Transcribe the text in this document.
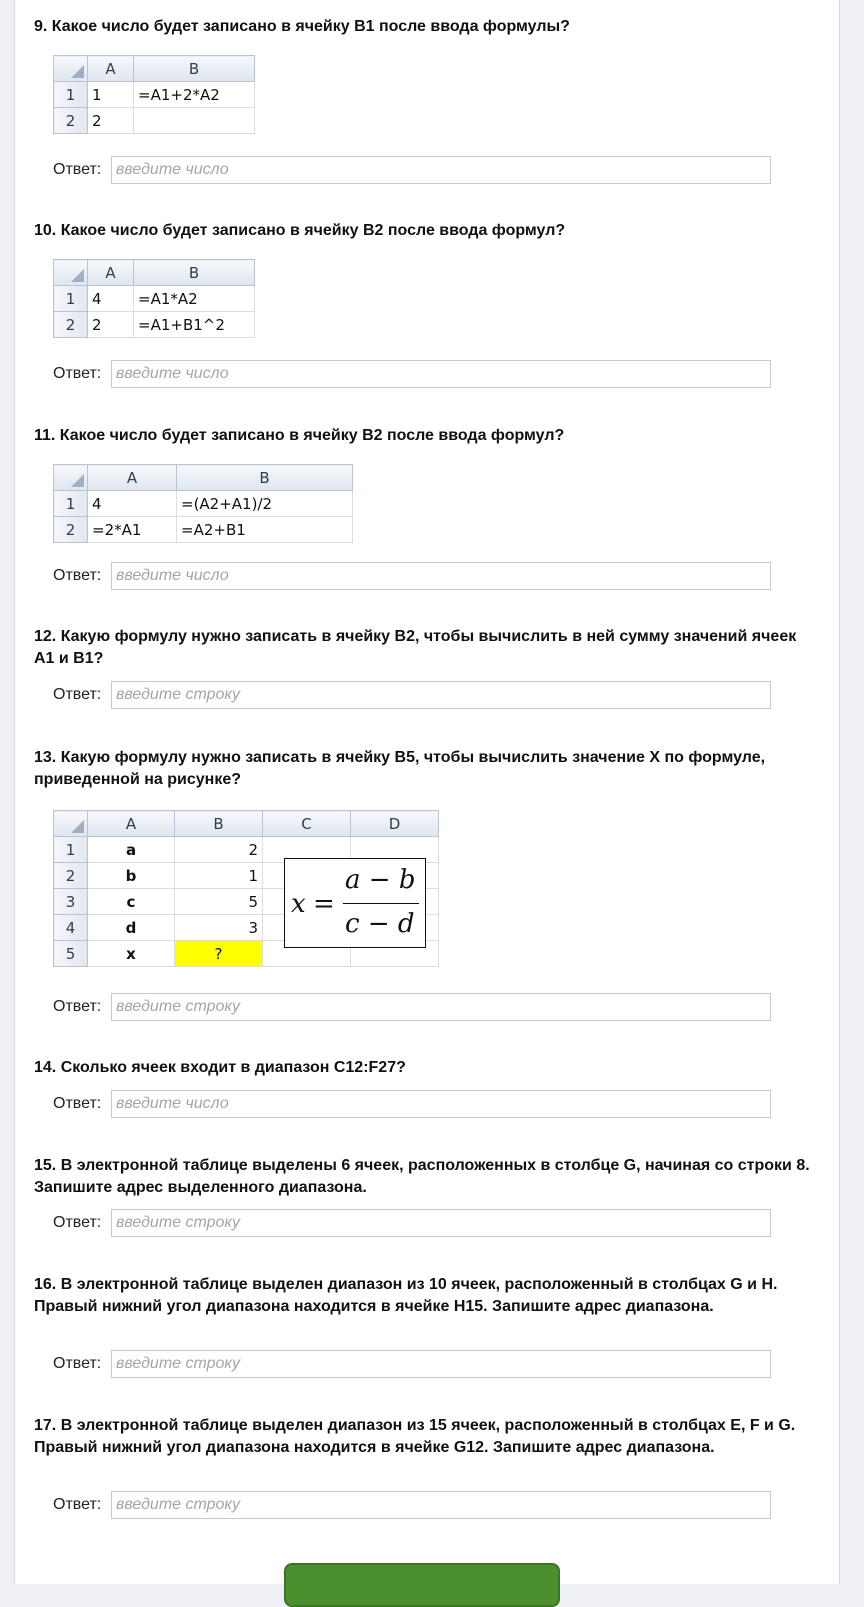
9. Какое число будет записано в ячейку B1 после ввода формулы?
	A	B
1	1	=A1+2*A2
2	2	
Ответ:
введите число
10. Какое число будет записано в ячейку B2 после ввода формул?
	A	B
1	4	=A1*A2
2	2	=A1+B1^2
Ответ:
введите число
11. Какое число будет записано в ячейку B2 после ввода формул?
	A	B
1	4	=(A2+A1)/2
2	=2*A1	=A2+B1
Ответ:
введите число
12. Какую формулу нужно записать в ячейку B2, чтобы вычислить в ней сумму значений ячеек A1 и B1?
Ответ:
введите строку
13. Какую формулу нужно записать в ячейку B5, чтобы вычислить значение X по формуле, приведенной на рисунке?
	A	B	C	D
1	a	2		
2	b	1		
3	c	5		
4	d	3		
5	x	?		
x =
a − b
c − d
Ответ:
введите строку
14. Сколько ячеек входит в диапазон C12:F27?
Ответ:
введите число
15. В электронной таблице выделены 6 ячеек, расположенных в столбце G, начиная со строки 8. Запишите адрес выделенного диапазона.
Ответ:
введите строку
16. В электронной таблице выделен диапазон из 10 ячеек, расположенный в столбцах G и H. Правый нижний угол диапазона находится в ячейке H15. Запишите адрес диапазона.
Ответ:
введите строку
17. В электронной таблице выделен диапазон из 15 ячеек, расположенный в столбцах E, F и G. Правый нижний угол диапазона находится в ячейке G12. Запишите адрес диапазона.
Ответ:
введите строку
